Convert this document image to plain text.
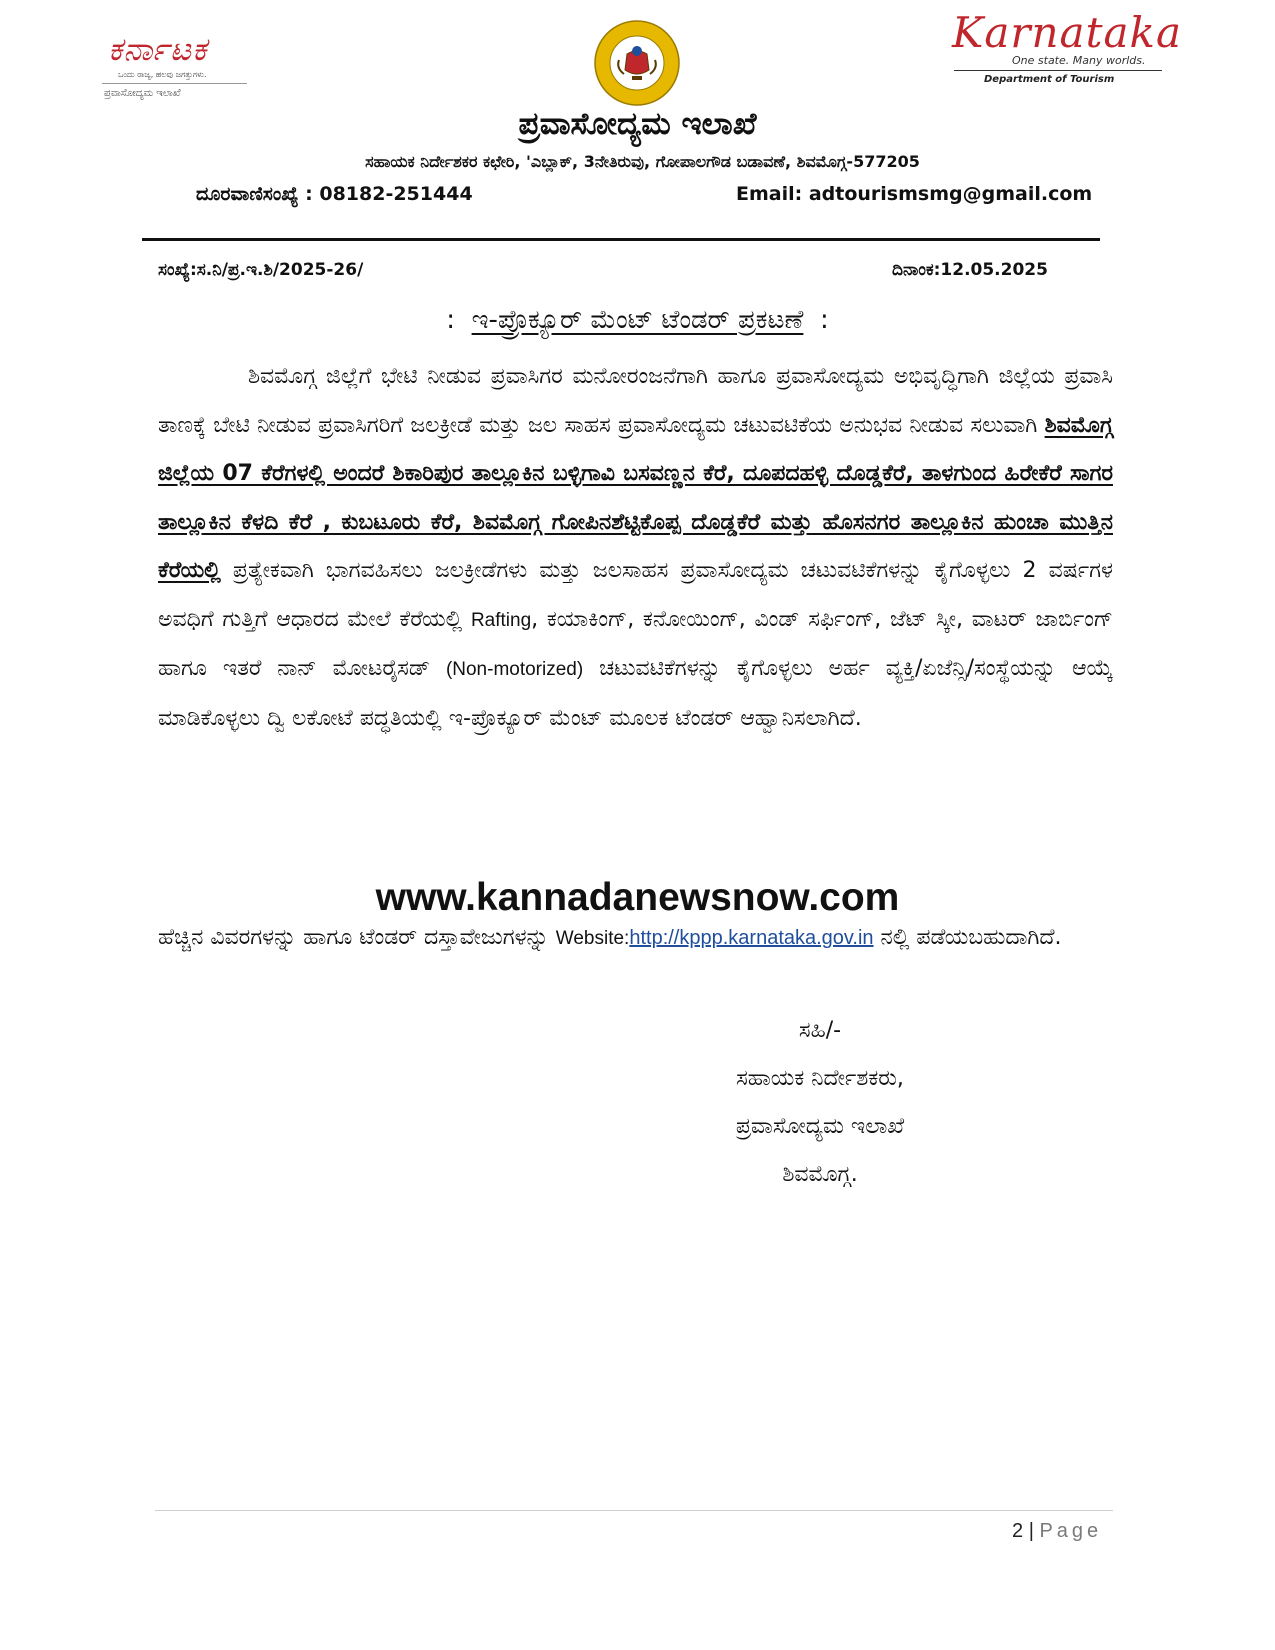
ಕರ್ನಾಟಕ
ಒಂದು ರಾಜ್ಯ, ಹಲವು ಜಗತ್ತುಗಳು.
ಪ್ರವಾಸೋದ್ಯಮ ಇಲಾಖೆ
Karnataka
One state. Many worlds.
Department of Tourism
ಪ್ರವಾಸೋದ್ಯಮ ಇಲಾಖೆ
ಸಹಾಯಕ ನಿರ್ದೇಶಕರ ಕಛೇರಿ, 'ಎಬ್ಲಾಕ್, 3ನೇತಿರುವು, ಗೋಪಾಲಗೌಡ ಬಡಾವಣೆ, ಶಿವಮೊಗ್ಗ-577205
ದೂರವಾಣಿಸಂಖ್ಯೆ : 08182-251444	Email: adtourismsmg@gmail.com
ಸಂಖ್ಯೆ:ಸ.ನಿ/ಪ್ರ.ಇ.ಶಿ/2025-26/	ದಿನಾಂಕ:12.05.2025
: ಇ-ಪ್ರೊಕ್ಯೂರ್ ಮೆಂಟ್ ಟೆಂಡರ್ ಪ್ರಕಟಣೆ :
ಶಿವಮೊಗ್ಗ ಜಿಲ್ಲೆಗೆ ಭೇಟಿ ನೀಡುವ ಪ್ರವಾಸಿಗರ ಮನೋರಂಜನೆಗಾಗಿ ಹಾಗೂ ಪ್ರವಾಸೋದ್ಯಮ ಅಭಿವೃದ್ಧಿಗಾಗಿ ಜಿಲ್ಲೆಯ ಪ್ರವಾಸಿ ತಾಣಕ್ಕೆ ಬೇಟಿ ನೀಡುವ ಪ್ರವಾಸಿಗರಿಗೆ ಜಲಕ್ರೀಡೆ ಮತ್ತು ಜಲ ಸಾಹಸ ಪ್ರವಾಸೋದ್ಯಮ ಚಟುವಟಿಕೆಯ ಅನುಭವ ನೀಡುವ ಸಲುವಾಗಿ ಶಿವಮೊಗ್ಗ ಜಿಲ್ಲೆಯ 07 ಕೆರೆಗಳಲ್ಲಿ ಅಂದರೆ ಶಿಕಾರಿಪುರ ತಾಲ್ಲೂಕಿನ ಬಳ್ಳಿಗಾವಿ ಬಸವಣ್ಣನ ಕೆರೆ, ದೂಪದಹಳ್ಳಿ ದೊಡ್ಡಕೆರೆ, ತಾಳಗುಂದ ಹಿರೇಕೆರೆ ಸಾಗರ ತಾಲ್ಲೂಕಿನ ಕೆಳದಿ ಕೆರೆ , ಕುಬಟೂರು ಕೆರೆ, ಶಿವಮೊಗ್ಗ ಗೋಪಿನಶೆಟ್ಟಿಕೊಪ್ಪ ದೊಡ್ಡಕೆರೆ ಮತ್ತು ಹೊಸನಗರ ತಾಲ್ಲೂಕಿನ ಹುಂಚಾ ಮುತ್ತಿನ ಕೆರೆಯಲ್ಲಿ ಪ್ರತ್ಯೇಕವಾಗಿ ಭಾಗವಹಿಸಲು ಜಲಕ್ರೀಡೆಗಳು ಮತ್ತು ಜಲಸಾಹಸ ಪ್ರವಾಸೋದ್ಯಮ ಚಟುವಟಿಕೆಗಳನ್ನು ಕೈಗೊಳ್ಳಲು 2 ವರ್ಷಗಳ ಅವಧಿಗೆ ಗುತ್ತಿಗೆ ಆಧಾರದ ಮೇಲೆ ಕೆರೆಯಲ್ಲಿ Rafting, ಕಯಾಕಿಂಗ್, ಕನೋಯಿಂಗ್, ವಿಂಡ್ ಸರ್ಫಿಂಗ್, ಜೆಟ್ ಸ್ಕೀ, ವಾಟರ್ ಜಾರ್ಬಿಂಗ್ ಹಾಗೂ ಇತರೆ ನಾನ್ ಮೋಟರೈಸಡ್ (Non-motorized) ಚಟುವಟಿಕೆಗಳನ್ನು ಕೈಗೊಳ್ಳಲು ಅರ್ಹ ವ್ಯಕ್ತಿ/ಏಜೆನ್ಸಿ/ಸಂಸ್ಥೆಯನ್ನು ಆಯ್ಕೆ ಮಾಡಿಕೊಳ್ಳಲು ದ್ವಿ ಲಕೋಟೆ ಪದ್ಧತಿಯಲ್ಲಿ ಇ-ಪ್ರೊಕ್ಯೂರ್ ಮೆಂಟ್ ಮೂಲಕ ಟೆಂಡರ್ ಆಹ್ವಾನಿಸಲಾಗಿದೆ.
www.kannadanewsnow.com
ಹೆಚ್ಚಿನ ವಿವರಗಳನ್ನು ಹಾಗೂ ಟೆಂಡರ್ ದಸ್ತಾವೇಜುಗಳನ್ನು Website:http://kppp.karnataka.gov.in ನಲ್ಲಿ ಪಡೆಯಬಹುದಾಗಿದೆ.
ಸಹಿ/-
ಸಹಾಯಕ ನಿರ್ದೇಶಕರು,
ಪ್ರವಾಸೋದ್ಯಮ ಇಲಾಖೆ
ಶಿವಮೊಗ್ಗ.
2 | Page
